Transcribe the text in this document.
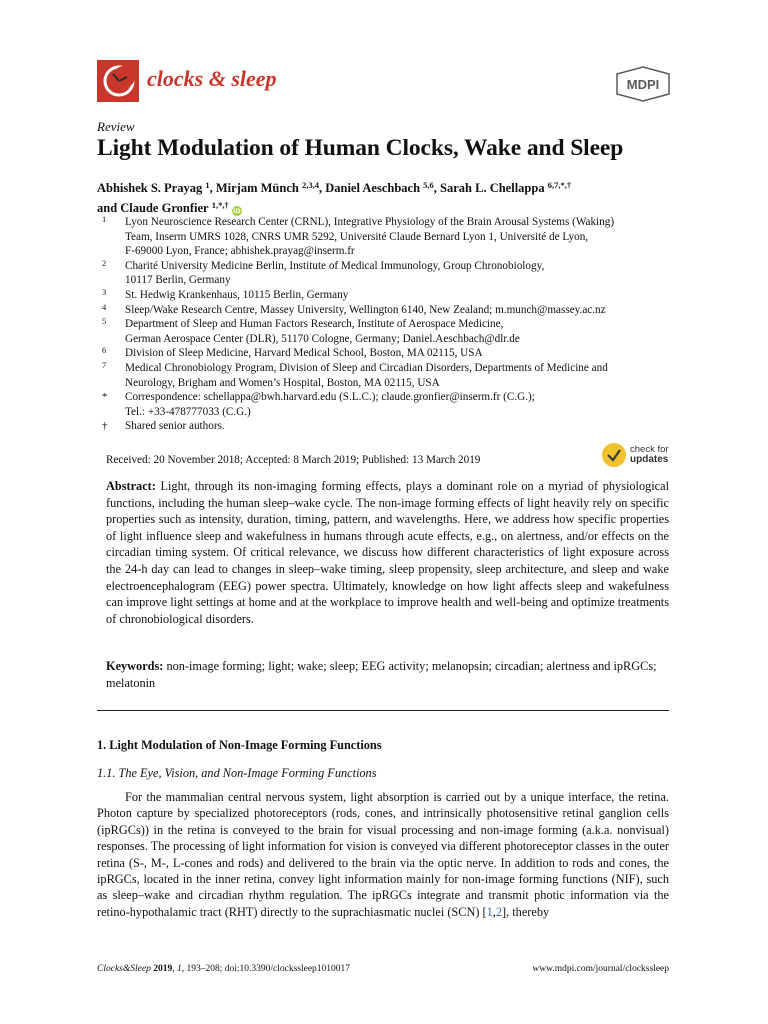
clocks & sleep	MDPI
Review
Light Modulation of Human Clocks, Wake and Sleep
Abhishek S. Prayag $^1$, Mirjam Münch $^{2,3,4}$, Daniel Aeschbach $^{5,6}$, Sarah L. Chellappa $^{6,7,*,\dagger}$
and Claude Gronfier $^{1,*,\dagger}$ iD
1 Lyon Neuroscience Research Center (CRNL), Integrative Physiology of the Brain Arousal Systems (Waking)
Team, Inserm UMRS 1028, CNRS UMR 5292, Université Claude Bernard Lyon 1, Université de Lyon,
F-69000 Lyon, France; abhishek.prayag@inserm.fr
2 Charité University Medicine Berlin, Institute of Medical Immunology, Group Chronobiology,
10117 Berlin, Germany
3 St. Hedwig Krankenhaus, 10115 Berlin, Germany
4 Sleep/Wake Research Centre, Massey University, Wellington 6140, New Zealand; m.munch@massey.ac.nz
5 Department of Sleep and Human Factors Research, Institute of Aerospace Medicine,
German Aerospace Center (DLR), 51170 Cologne, Germany; Daniel.Aeschbach@dlr.de
6 Division of Sleep Medicine, Harvard Medical School, Boston, MA 02115, USA
7 Medical Chronobiology Program, Division of Sleep and Circadian Disorders, Departments of Medicine and
Neurology, Brigham and Women’s Hospital, Boston, MA 02115, USA
* Correspondence: schellappa@bwh.harvard.edu (S.L.C.); claude.gronfier@inserm.fr (C.G.);
Tel.: +33-478777033 (C.G.)
† Shared senior authors.
Received: 20 November 2018; Accepted: 8 March 2019; Published: 13 March 2019
check for
updates
Abstract: Light, through its non-imaging forming effects, plays a dominant role on a myriad of physiological functions, including the human sleep–wake cycle. The non-image forming effects of light heavily rely on specific properties such as intensity, duration, timing, pattern, and wavelengths. Here, we address how specific properties of light influence sleep and wakefulness in humans through acute effects, e.g., on alertness, and/or effects on the circadian timing system. Of critical relevance, we discuss how different characteristics of light exposure across the 24-h day can lead to changes in sleep–wake timing, sleep propensity, sleep architecture, and sleep and wake electroencephalogram (EEG) power spectra. Ultimately, knowledge on how light affects sleep and wakefulness can improve light settings at home and at the workplace to improve health and well-being and optimize treatments of chronobiological disorders.
Keywords: non-image forming; light; wake; sleep; EEG activity; melanopsin; circadian; alertness and ipRGCs; melatonin
1. Light Modulation of Non-Image Forming Functions
1.1. The Eye, Vision, and Non-Image Forming Functions

For the mammalian central nervous system, light absorption is carried out by a unique interface, the retina. Photon capture by specialized photoreceptors (rods, cones, and intrinsically photosensitive retinal ganglion cells (ipRGCs)) in the retina is conveyed to the brain for visual processing and non-image forming (a.k.a. nonvisual) responses. The processing of light information for vision is conveyed via different photoreceptor classes in the outer retina (S-, M-, L-cones and rods) and delivered to the brain via the optic nerve. In addition to rods and cones, the ipRGCs, located in the inner retina, convey light information mainly for non-image forming functions (NIF), such as sleep–wake and circadian rhythm regulation. The ipRGCs integrate and transmit photic information via the retino-hypothalamic tract (RHT) directly to the suprachiasmatic nuclei (SCN) [1,2], thereby

Clocks&Sleep 2019, 1, 193–208; doi:10.3390/clockssleep1010017	www.mdpi.com/journal/clockssleep
